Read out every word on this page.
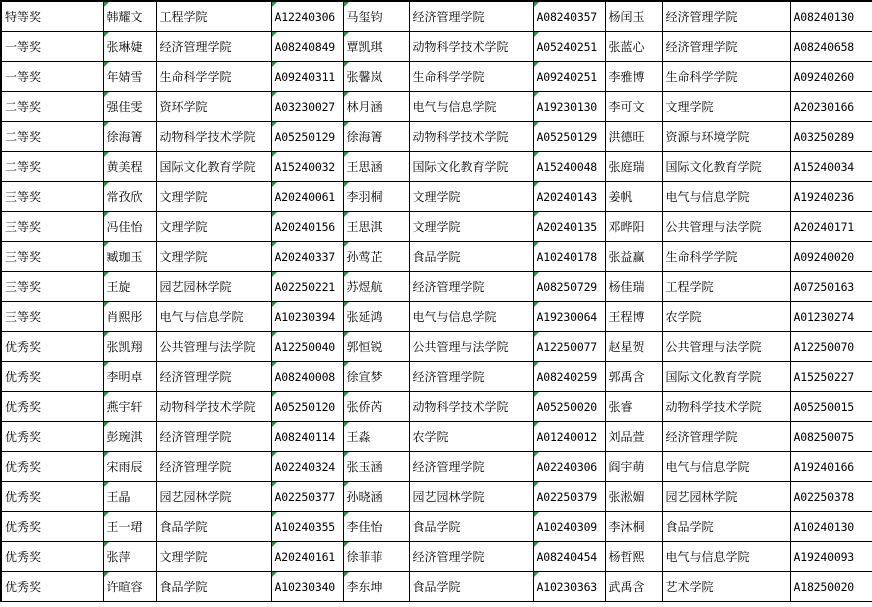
特等奖	韩耀文	工程学院	A12240306	马玺钧	经济管理学院	A08240357	杨闰玉	经济管理学院	A08240130
一等奖	张琳婕	经济管理学院	A08240849	覃凯琪	动物科学技术学院	A05240251	张蓝心	经济管理学院	A08240658
一等奖	年婧雪	生命科学学院	A09240311	张馨岚	生命科学学院	A09240251	李雅博	生命科学学院	A09240260
二等奖	强佳雯	资环学院	A03230027	林月涵	电气与信息学院	A19230130	李可文	文理学院	A20230166
二等奖	徐海箐	动物科学技术学院	A05250129	徐海箐	动物科学技术学院	A05250129	洪德旺	资源与环境学院	A03250289
二等奖	黄美程	国际文化教育学院	A15240032	王思涵	国际文化教育学院	A15240048	张庭瑞	国际文化教育学院	A15240034
三等奖	常孜欣	文理学院	A20240061	李羽桐	文理学院	A20240143	姜帆	电气与信息学院	A19240236
三等奖	冯佳怡	文理学院	A20240156	王思淇	文理学院	A20240135	邓晔阳	公共管理与法学院	A20240171
三等奖	臧珈玉	文理学院	A20240337	孙莺芷	食品学院	A10240178	张益赢	生命科学学院	A09240020
三等奖	王旋	园艺园林学院	A02250221	苏煜航	经济管理学院	A08250729	杨佳瑞	工程学院	A07250163
三等奖	肖熙彤	电气与信息学院	A10230394	张延鸿	电气与信息学院	A19230064	王程博	农学院	A01230274
优秀奖	张凯翔	公共管理与法学院	A12250040	郭恒锐	公共管理与法学院	A12250077	赵星贺	公共管理与法学院	A12250070
优秀奖	李明卓	经济管理学院	A08240008	徐宣梦	经济管理学院	A08240259	郭禹含	国际文化教育学院	A15250227
优秀奖	燕宇轩	动物科学技术学院	A05250120	张侨芮	动物科学技术学院	A05250020	张睿	动物科学技术学院	A05250015
优秀奖	彭琬淇	经济管理学院	A08240114	王淼	农学院	A01240012	刘品萱	经济管理学院	A08250075
优秀奖	宋雨辰	经济管理学院	A02240324	张玉涵	经济管理学院	A02240306	阎宇萌	电气与信息学院	A19240166
优秀奖	王晶	园艺园林学院	A02250377	孙晓涵	园艺园林学院	A02250379	张淞媚	园艺园林学院	A02250378
优秀奖	王一珺	食品学院	A10240355	李佳怡	食品学院	A10240309	李沐桐	食品学院	A10240130
优秀奖	张萍	文理学院	A20240161	徐菲菲	经济管理学院	A08240454	杨哲熙	电气与信息学院	A19240093
优秀奖	许暄容	食品学院	A10230340	李东坤	食品学院	A10230363	武禹含	艺术学院	A18250020
